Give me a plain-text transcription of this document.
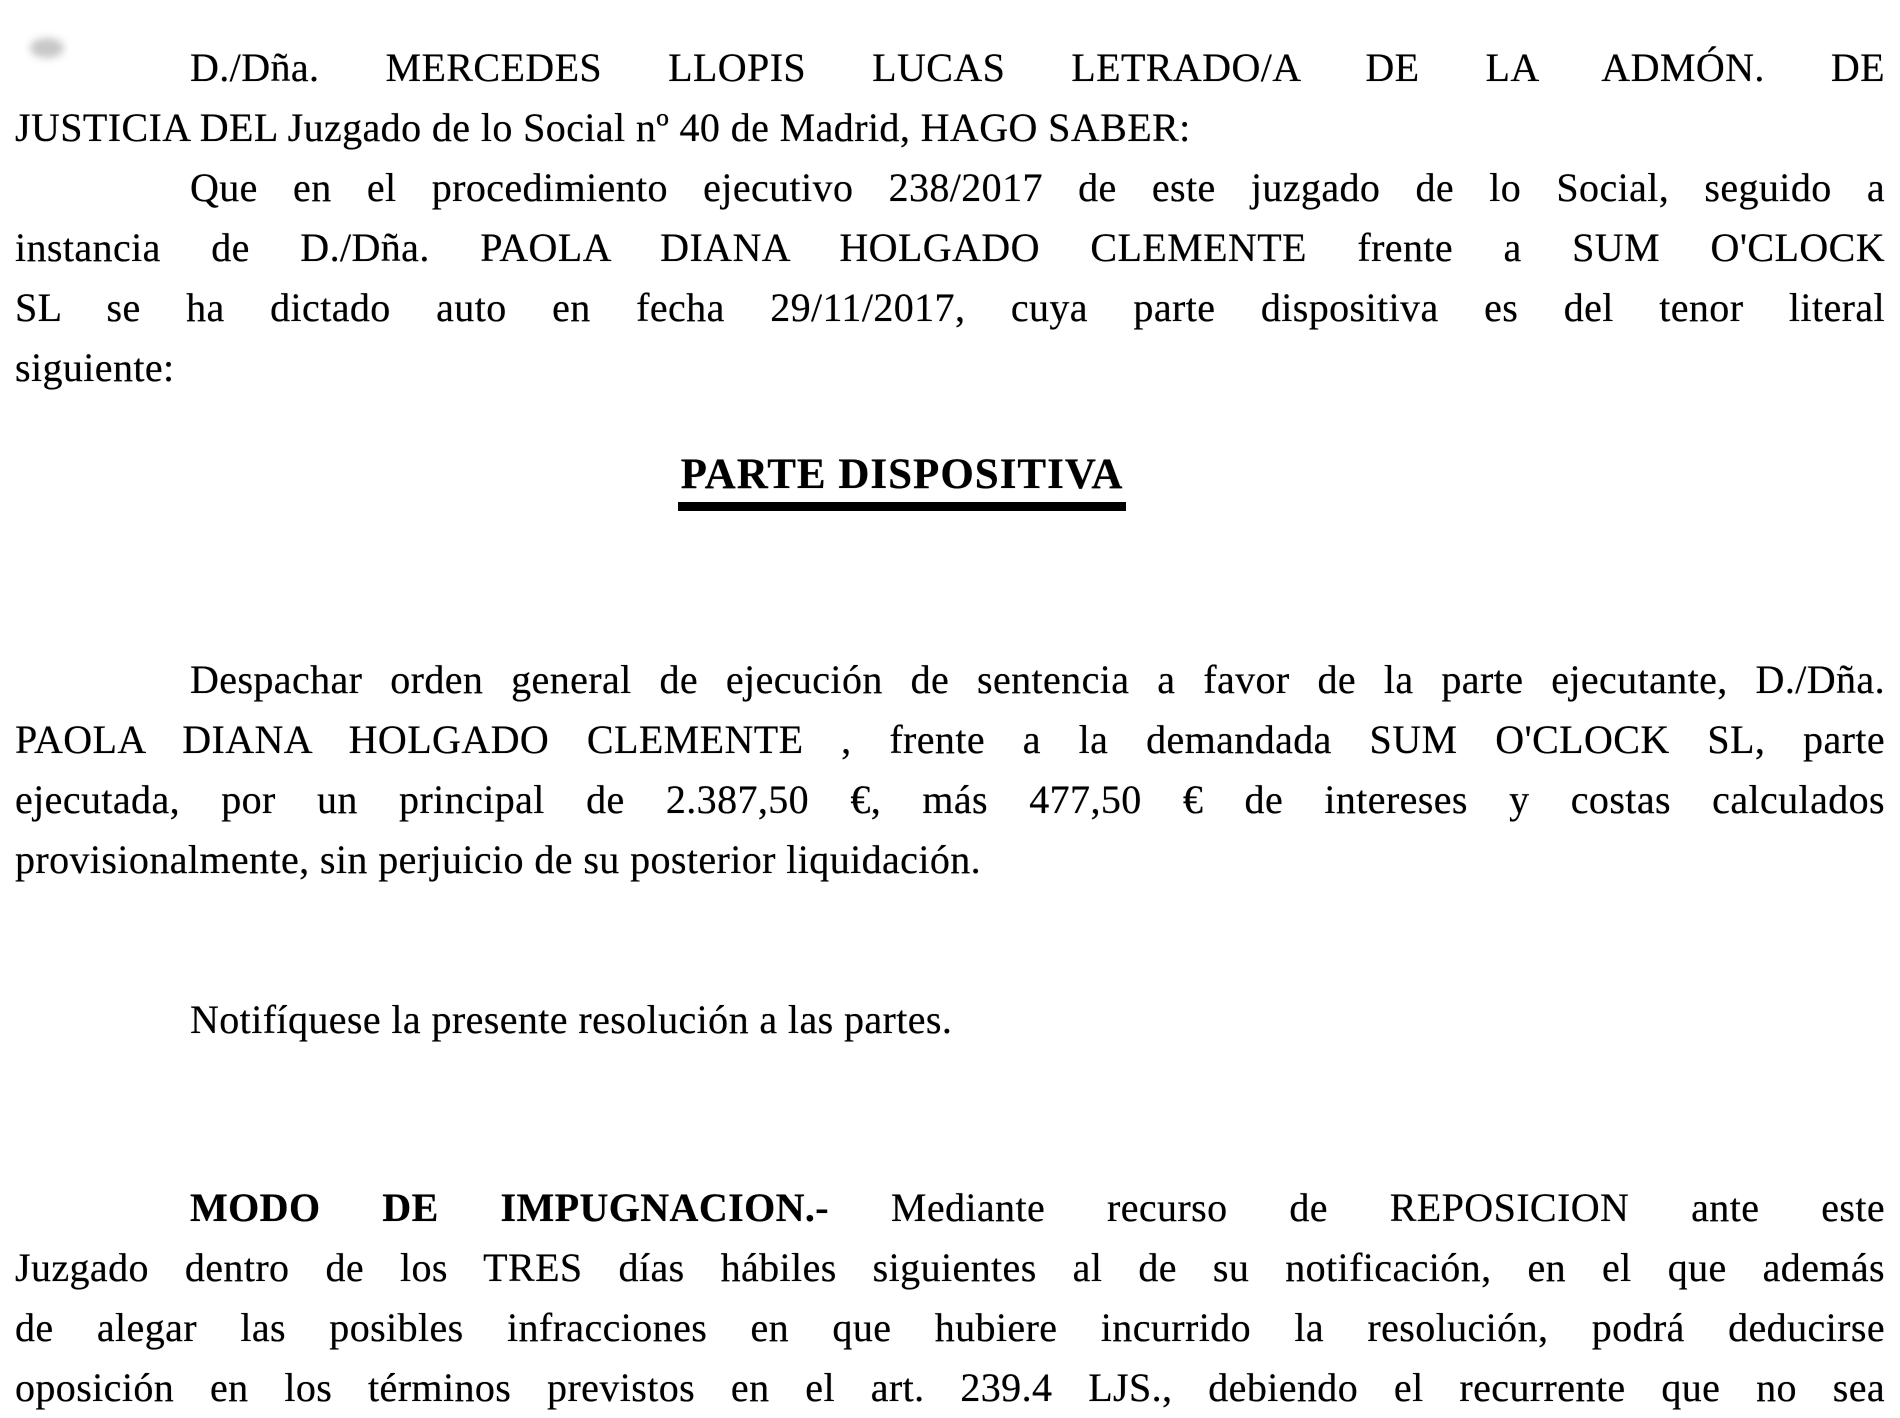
D./Dña. MERCEDES LLOPIS LUCAS LETRADO/A DE LA ADMÓN. DE
JUSTICIA DEL Juzgado de lo Social nº 40 de Madrid, HAGO SABER:
Que en el procedimiento ejecutivo 238/2017 de este juzgado de lo Social, seguido a
instancia de D./Dña. PAOLA DIANA HOLGADO CLEMENTE frente a SUM O'CLOCK
SL se ha dictado auto en fecha 29/11/2017, cuya parte dispositiva es del tenor literal
siguiente:
PARTE DISPOSITIVA
Despachar orden general de ejecución de sentencia a favor de la parte ejecutante, D./Dña.
PAOLA DIANA HOLGADO CLEMENTE , frente a la demandada SUM O'CLOCK SL, parte
ejecutada, por un principal de 2.387,50 €, más 477,50 € de intereses y costas calculados
provisionalmente, sin perjuicio de su posterior liquidación.
Notifíquese la presente resolución a las partes.
MODO DE IMPUGNACION.- Mediante recurso de REPOSICION ante este
Juzgado dentro de los TRES días hábiles siguientes al de su notificación, en el que además
de alegar las posibles infracciones en que hubiere incurrido la resolución, podrá deducirse
oposición en los términos previstos en el art. 239.4 LJS., debiendo el recurrente que no sea
